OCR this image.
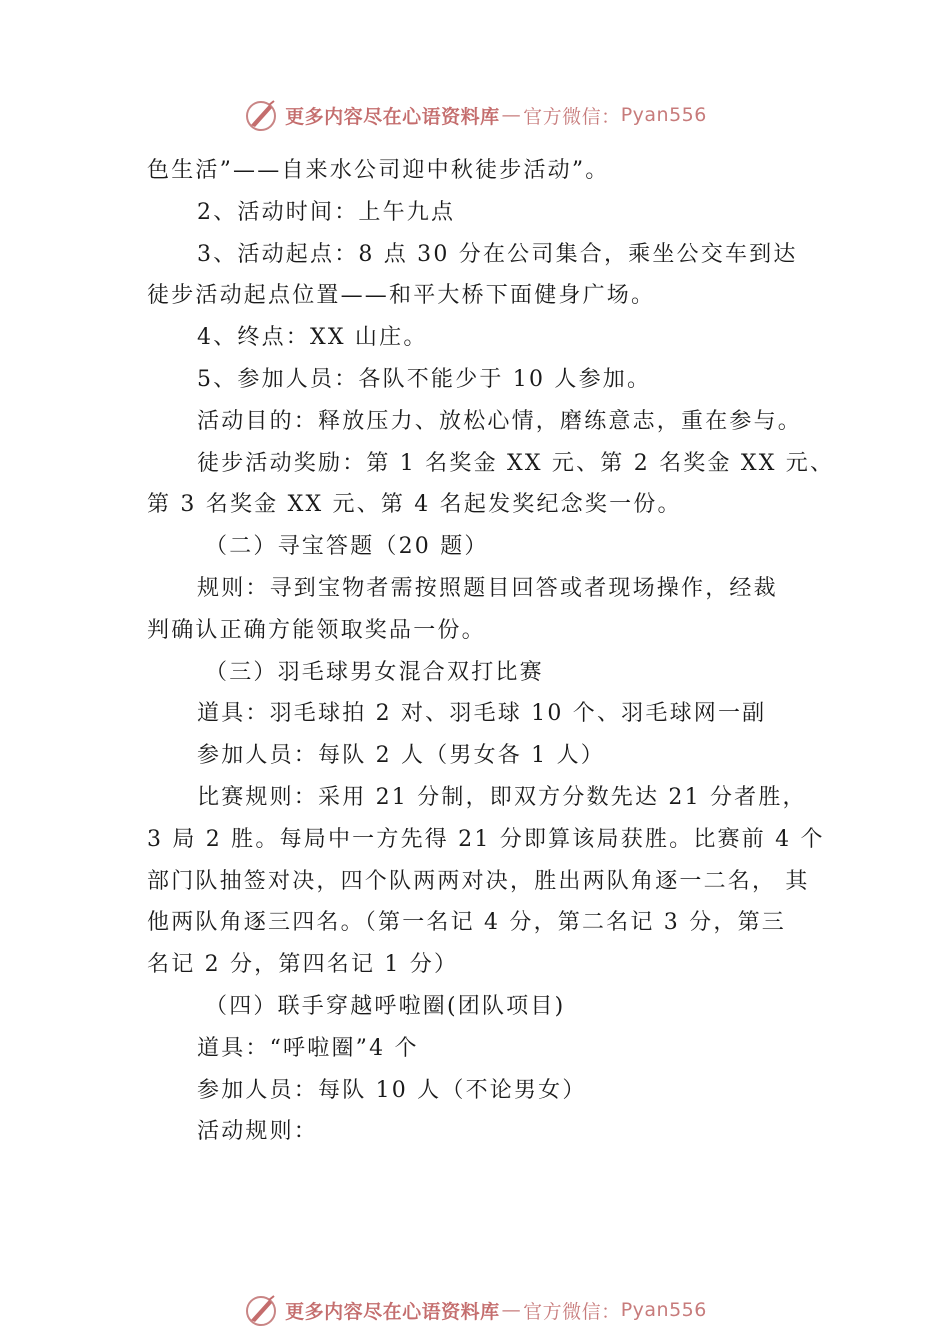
更多内容尽在心语资料库 — 官方微信： Pyan556
色生活”——自来水公司迎中秋徒步活动”。
2、活动时间：上午九点
3、活动起点：8 点 30 分在公司集合，乘坐公交车到达
徒步活动起点位置——和平大桥下面健身广场。
4、终点：XX 山庄。
5、参加人员：各队不能少于 10 人参加。
活动目的：释放压力、放松心情，磨练意志，重在参与。
徒步活动奖励：第 1 名奖金 XX 元、第 2 名奖金 XX 元、
第 3 名奖金 XX 元、第 4 名起发奖纪念奖一份。
（二）寻宝答题（20 题）
规则：寻到宝物者需按照题目回答或者现场操作，经裁
判确认正确方能领取奖品一份。
（三）羽毛球男女混合双打比赛
道具：羽毛球拍 2 对、羽毛球 10 个、羽毛球网一副
参加人员：每队 2 人（男女各 1 人）
比赛规则：采用 21 分制，即双方分数先达 21 分者胜，
3 局 2 胜。每局中一方先得 21 分即算该局获胜。比赛前 4 个
部门队抽签对决，四个队两两对决，胜出两队角逐一二名， 其
他两队角逐三四名。（第一名记 4 分，第二名记 3 分，第三
名记 2 分，第四名记 1 分）
（四）联手穿越呼啦圈(团队项目)
道具：“呼啦圈”4 个
参加人员：每队 10 人（不论男女）
活动规则：
更多内容尽在心语资料库 — 官方微信： Pyan556
